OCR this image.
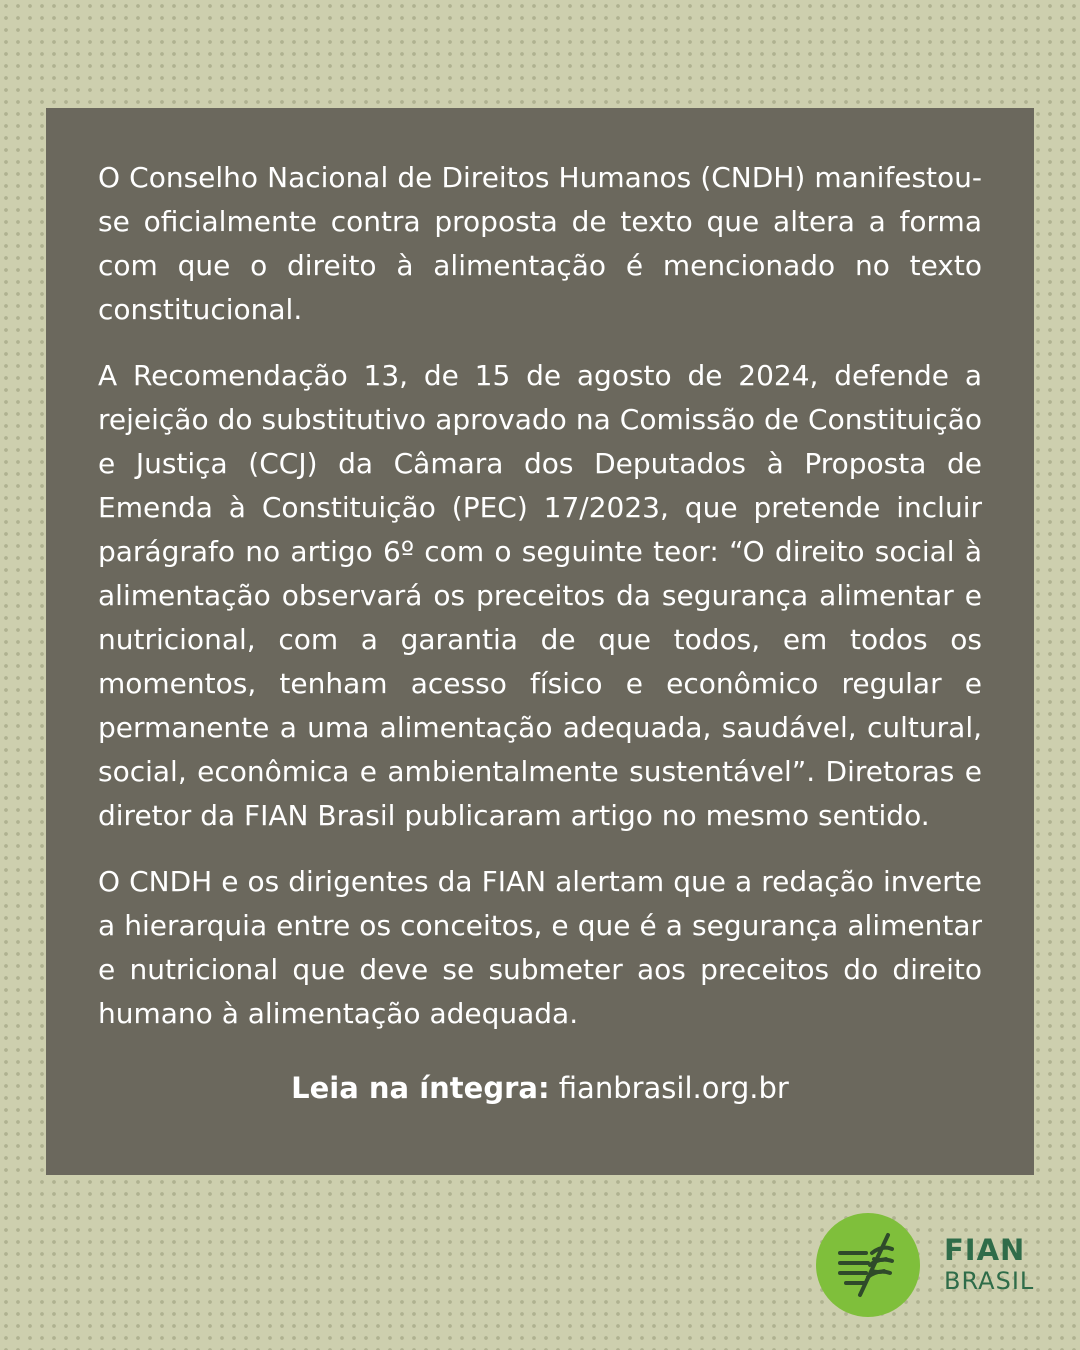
O Conselho Nacional de Direitos Humanos (CNDH) manifestou-se oficialmente contra proposta de texto que altera a forma com que o direito à alimentação é mencionado no texto constitucional.

A Recomendação 13, de 15 de agosto de 2024, defende a rejeição do substitutivo aprovado na Comissão de Constituição e Justiça (CCJ) da Câmara dos Deputados à Proposta de Emenda à Constituição (PEC) 17/2023, que pretende incluir parágrafo no artigo 6º com o seguinte teor: “O direito social à alimentação observará os preceitos da segurança alimentar e nutricional, com a garantia de que todos, em todos os momentos, tenham acesso físico e econômico regular e permanente a uma alimentação adequada, saudável, cultural, social, econômica e ambientalmente sustentável”. Diretoras e diretor da FIAN Brasil publicaram artigo no mesmo sentido.

O CNDH e os dirigentes da FIAN alertam que a redação inverte a hierarquia entre os conceitos, e que é a segurança alimentar e nutricional que deve se submeter aos preceitos do direito humano à alimentação adequada.

Leia na íntegra: fianbrasil.org.br
FIAN
BRASIL
